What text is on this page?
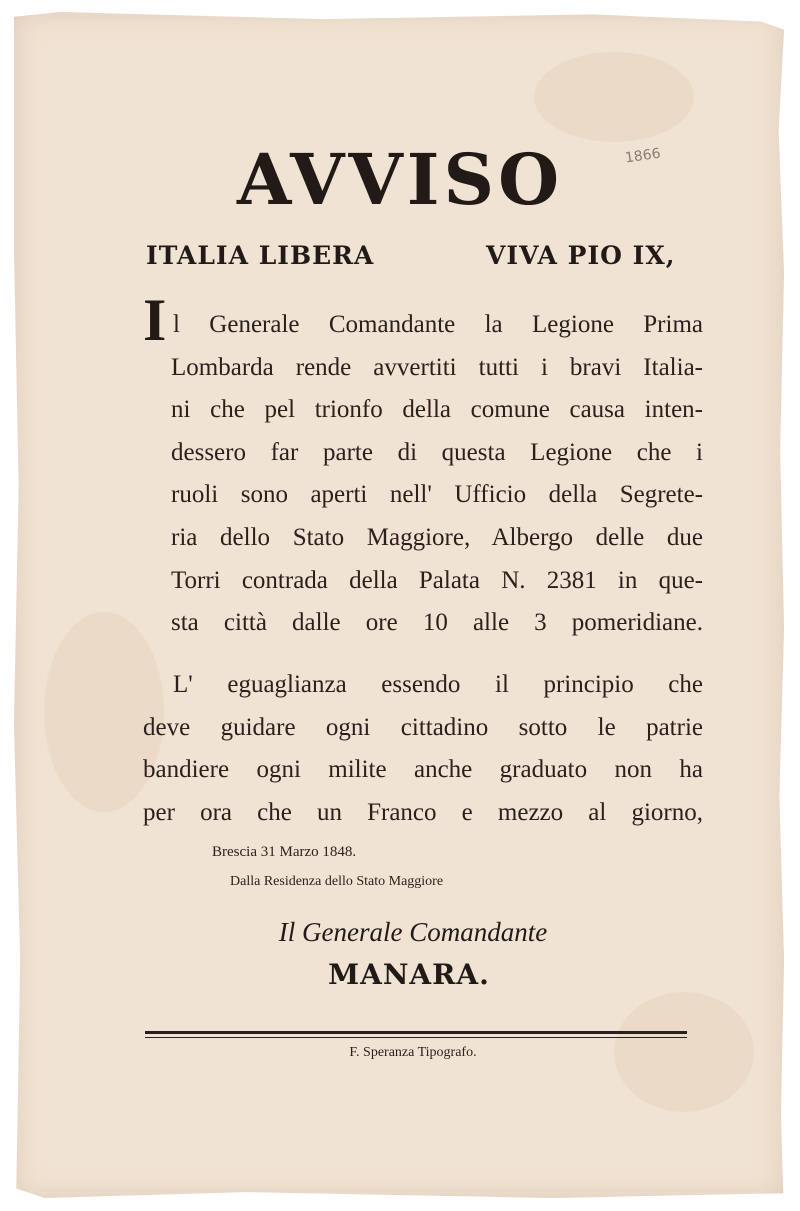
1866
AVVISO
ITALIA LIBERA	VIVA PIO IX,
I l Generale Comandante la Legione Prima
Lombarda rende avvertiti tutti i bravi Italia-
ni che pel trionfo della comune causa inten-
dessero far parte di questa Legione che i
ruoli sono aperti nell' Ufficio della Segrete-
ria dello Stato Maggiore, Albergo delle due
Torri contrada della Palata N. 2381 in que-
sta città dalle ore 10 alle 3 pomeridiane.
L' eguaglianza essendo il principio che
deve guidare ogni cittadino sotto le patrie
bandiere ogni milite anche graduato non ha
per ora che un Franco e mezzo al giorno,
Brescia 31 Marzo 1848.
Dalla Residenza dello Stato Maggiore
Il Generale Comandante
MANARA.
F. Speranza Tipografo.
